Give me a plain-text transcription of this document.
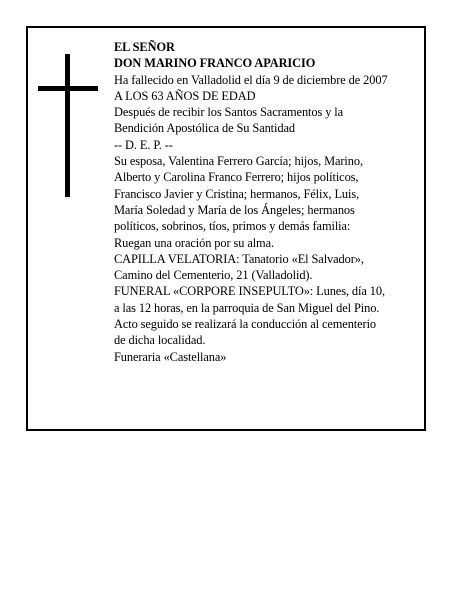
EL SEÑOR
DON MARINO FRANCO APARICIO
Ha fallecido en Valladolid el día 9 de diciembre de 2007
A LOS 63 AÑOS DE EDAD
Después de recibir los Santos Sacramentos y la
Bendición Apostólica de Su Santidad
-- D. E. P. --
Su esposa, Valentina Ferrero García; hijos, Marino,
Alberto y Carolina Franco Ferrero; hijos políticos,
Francisco Javier y Cristina; hermanos, Félix, Luis,
María Soledad y María de los Ángeles; hermanos
políticos, sobrinos, tíos, primos y demás familia:
Ruegan una oración por su alma.
CAPILLA VELATORIA: Tanatorio «El Salvador»,
Camino del Cementerio, 21 (Valladolid).
FUNERAL «CORPORE INSEPULTO»: Lunes, día 10,
a las 12 horas, en la parroquia de San Miguel del Pino.
Acto seguido se realizará la conducción al cementerio
de dicha localidad.
Funeraria «Castellana»
